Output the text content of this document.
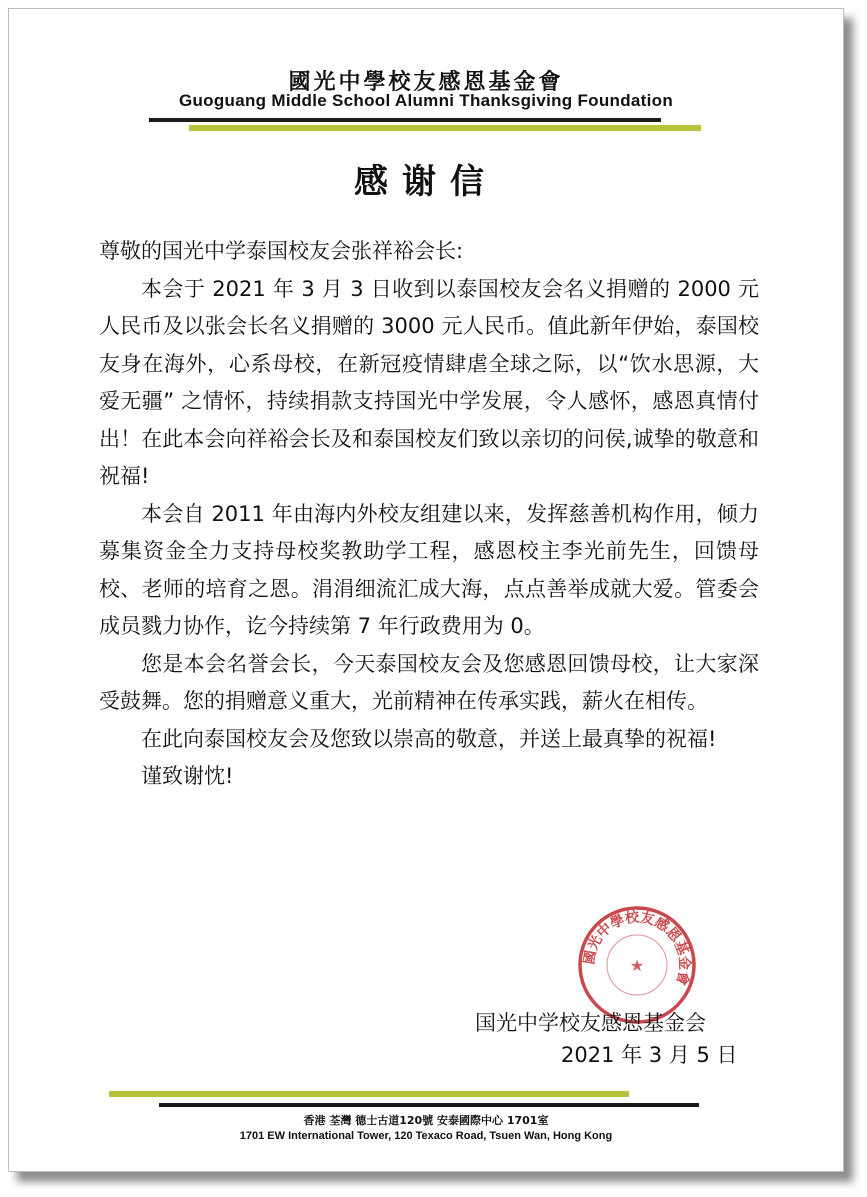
國光中學校友感恩基金會
Guoguang Middle School Alumni Thanksgiving Foundation
感谢信

尊敬的国光中学泰国校友会张祥裕会长:

本会于 2021 年 3 月 3 日收到以泰国校友会名义捐赠的 2000 元人民币及以张会长名义捐赠的 3000 元人民币。值此新年伊始，泰国校友身在海外，心系母校，在新冠疫情肆虐全球之际，以“饮水思源，大爱无疆” 之情怀，持续捐款支持国光中学发展，令人感怀，感恩真情付出！在此本会向祥裕会长及和泰国校友们致以亲切的问侯,诚挚的敬意和祝福!

本会自 2011 年由海内外校友组建以来，发挥慈善机构作用，倾力募集资金全力支持母校奖教助学工程，感恩校主李光前先生，回馈母校、老师的培育之恩。涓涓细流汇成大海，点点善举成就大爱。管委会成员戮力协作，讫今持续第 7 年行政费用为 0。

您是本会名誉会长，今天泰国校友会及您感恩回馈母校，让大家深受鼓舞。您的捐赠意义重大，光前精神在传承实践，薪火在相传。

在此向泰国校友会及您致以崇高的敬意，并送上最真挚的祝福!

谨致谢忱!

國光中學校友感恩基金會
★
国光中学校友感恩基金会
2021 年 3 月 5 日
香港 荃灣 德士古道120號 安泰國際中心 1701室
1701 EW International Tower, 120 Texaco Road, Tsuen Wan, Hong Kong
